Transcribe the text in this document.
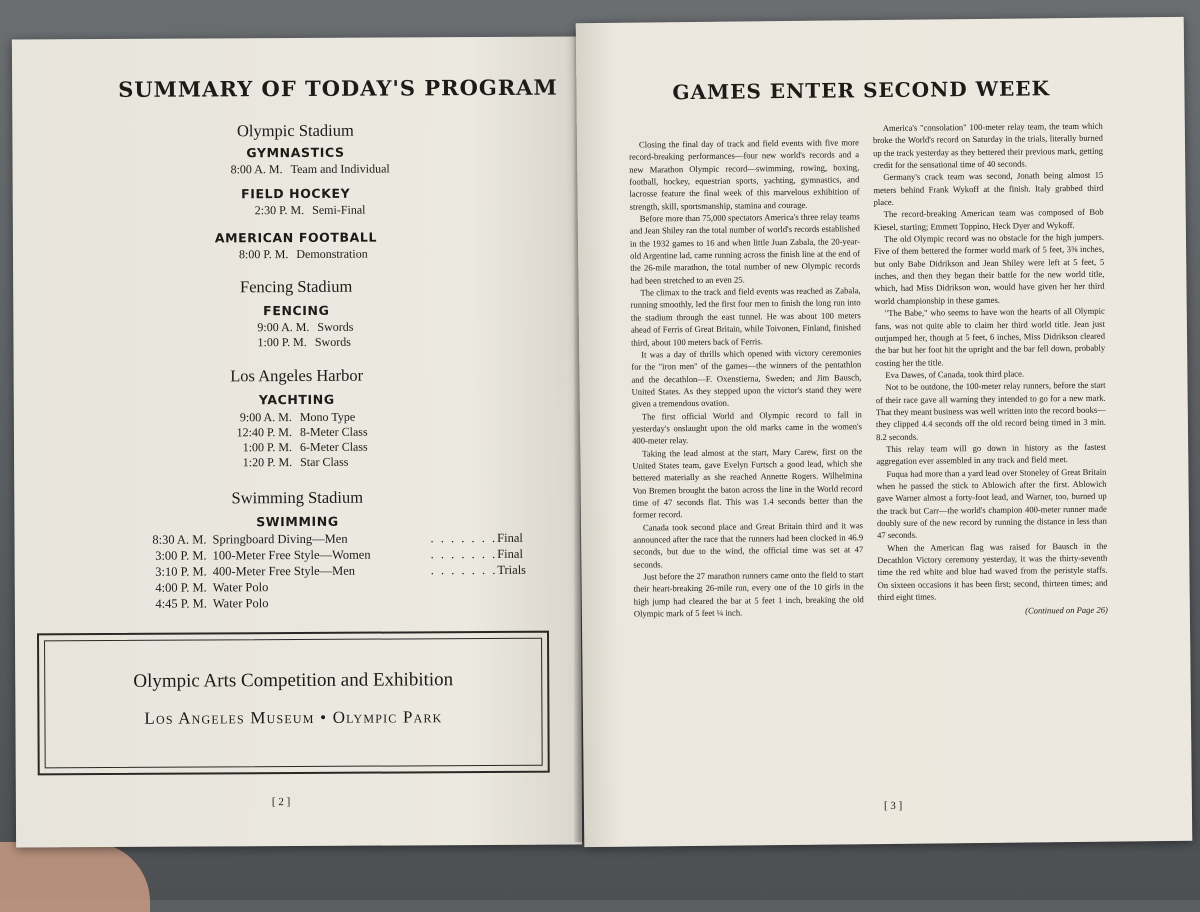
SUMMARY OF TODAY'S PROGRAM
Olympic Stadium
GYMNASTICS
8:00 A. M. Team and Individual
FIELD HOCKEY
2:30 P. M. Semi-Final
AMERICAN FOOTBALL
8:00 P. M. Demonstration
Fencing Stadium
FENCING
9:00 A. M. Swords
1:00 P. M. Swords
Los Angeles Harbor
YACHTING
9:00 A. M. Mono Type
12:40 P. M. 8-Meter Class
1:00 P. M. 6-Meter Class
1:20 P. M. Star Class
Swimming Stadium
SWIMMING
8:30 A. M. Springboard Diving—Men	. . . . . . .Final
3:00 P. M. 100-Meter Free Style—Women	. . . . . . .Final
3:10 P. M. 400-Meter Free Style—Men	. . . . . . .Trials
4:00 P. M. Water Polo
4:45 P. M. Water Polo
Olympic Arts Competition and Exhibition
Los Angeles Museum • Olympic Park
[ 2 ]
GAMES ENTER SECOND WEEK

Closing the final day of track and field events with five more record-breaking performances—four new world's records and a new Marathon Olympic record—swimming, rowing, boxing, football, hockey, equestrian sports, yachting, gymnastics, and lacrosse feature the final week of this marvelous exhibition of strength, skill, sportsmanship, stamina and courage.

Before more than 75,000 spectators America's three relay teams and Jean Shiley ran the total number of world's records established in the 1932 games to 16 and when little Juan Zabala, the 20-year-old Argentine lad, came running across the finish line at the end of the 26-mile marathon, the total number of new Olympic records had been stretched to an even 25.

The climax to the track and field events was reached as Zabala, running smoothly, led the first four men to finish the long run into the stadium through the east tunnel. He was about 100 meters ahead of Ferris of Great Britain, while Toivonen, Finland, finished third, about 100 meters back of Ferris.

It was a day of thrills which opened with victory ceremonies for the "iron men" of the games—the winners of the pentathlon and the decathlon—F. Oxenstierna, Sweden; and Jim Bausch, United States. As they stepped upon the victor's stand they were given a tremendous ovation.

The first official World and Olympic record to fall in yesterday's onslaught upon the old marks came in the women's 400-meter relay.

Taking the lead almost at the start, Mary Carew, first on the United States team, gave Evelyn Furtsch a good lead, which she bettered materially as she reached Annette Rogers. Wilhelmina Von Bremen brought the baton across the line in the World record time of 47 seconds flat. This was 1.4 seconds better than the former record.

Canada took second place and Great Britain third and it was announced after the race that the runners had been clocked in 46.9 seconds, but due to the wind, the official time was set at 47 seconds.

Just before the 27 marathon runners came onto the field to start their heart-breaking 26-mile run, every one of the 10 girls in the high jump had cleared the bar at 5 feet 1 inch, breaking the old Olympic mark of 5 feet ¼ inch.

America's "consolation" 100-meter relay team, the team which broke the World's record on Saturday in the trials, literally burned up the track yesterday as they bettered their previous mark, getting credit for the sensational time of 40 seconds.

Germany's crack team was second, Jonath being almost 15 meters behind Frank Wykoff at the finish. Italy grabbed third place.

The record-breaking American team was composed of Bob Kiesel, starting; Emmett Toppino, Heck Dyer and Wykoff.

The old Olympic record was no obstacle for the high jumpers. Five of them bettered the former world mark of 5 feet, 3⅜ inches, but only Babe Didrikson and Jean Shiley were left at 5 feet, 5 inches, and then they began their battle for the new world title, which, had Miss Didrikson won, would have given her her third world championship in these games.

"The Babe," who seems to have won the hearts of all Olympic fans, was not quite able to claim her third world title. Jean just outjumped her, though at 5 feet, 6 inches, Miss Didrikson cleared the bar but her foot hit the upright and the bar fell down, probably costing her the title.

Eva Dawes, of Canada, took third place.

Not to be outdone, the 100-meter relay runners, before the start of their race gave all warning they intended to go for a new mark. That they meant business was well written into the record books—they clipped 4.4 seconds off the old record being timed in 3 min. 8.2 seconds.

This relay team will go down in history as the fastest aggregation ever assembled in any track and field meet.

Fuqua had more than a yard lead over Stoneley of Great Britain when he passed the stick to Ablowich after the first. Ablowich gave Warner almost a forty-foot lead, and Warner, too, burned up the track but Carr—the world's champion 400-meter runner made doubly sure of the new record by running the distance in less than 47 seconds.

When the American flag was raised for Bausch in the Decathlon Victory ceremony yesterday, it was the thirty-seventh time the red white and blue had waved from the peristyle staffs. On sixteen occasions it has been first; second, thirteen times; and third eight times.

(Continued on Page 26)

[ 3 ]
